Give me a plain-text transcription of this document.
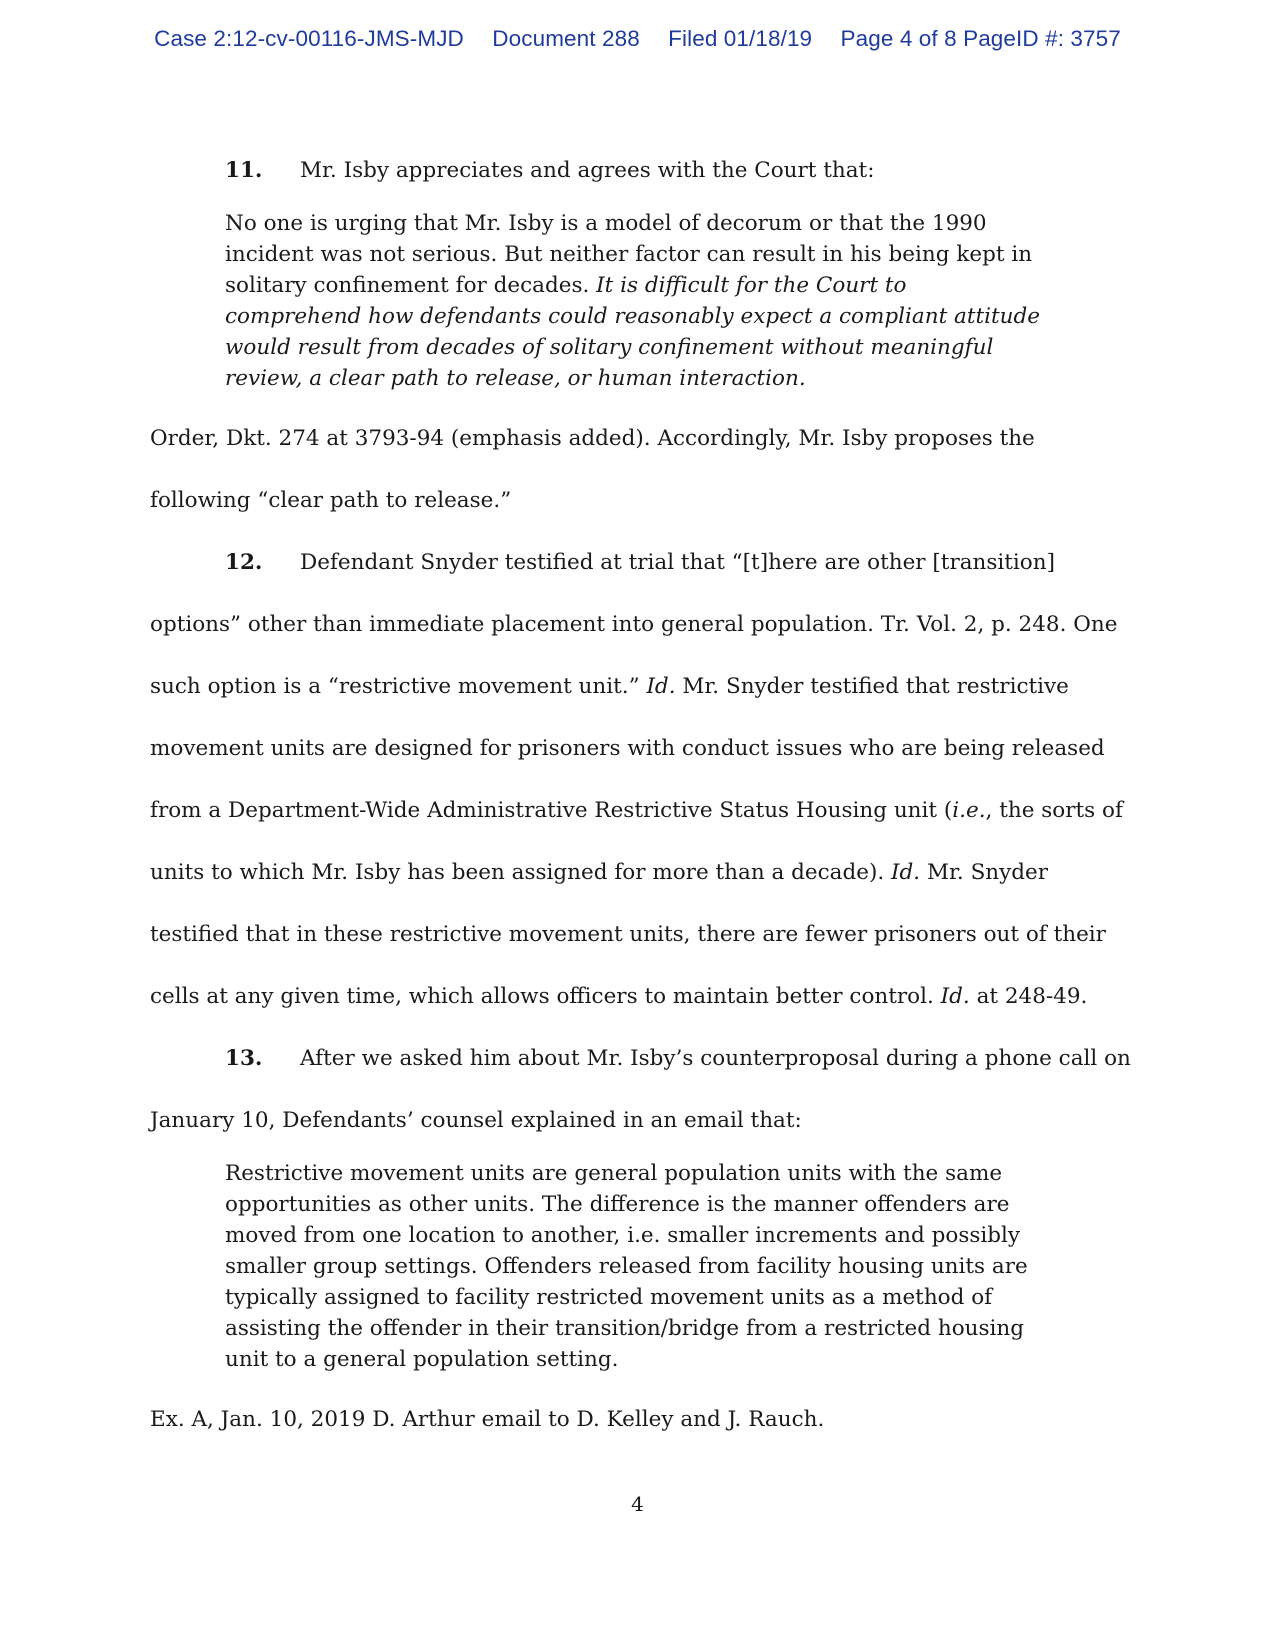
Case 2:12-cv-00116-JMS-MJD Document 288 Filed 01/18/19 Page 4 of 8 PageID #: 3757

11. Mr. Isby appreciates and agrees with the Court that:

No one is urging that Mr. Isby is a model of decorum or that the 1990 incident was not serious. But neither factor can result in his being kept in solitary confinement for decades. It is difficult for the Court to comprehend how defendants could reasonably expect a compliant attitude would result from decades of solitary confinement without meaningful review, a clear path to release, or human interaction.

Order, Dkt. 274 at 3793-94 (emphasis added). Accordingly, Mr. Isby proposes the following “clear path to release.”

12. Defendant Snyder testified at trial that “[t]here are other [transition] options” other than immediate placement into general population. Tr. Vol. 2, p. 248. One such option is a “restrictive movement unit.” Id. Mr. Snyder testified that restrictive movement units are designed for prisoners with conduct issues who are being released from a Department-Wide Administrative Restrictive Status Housing unit (i.e., the sorts of units to which Mr. Isby has been assigned for more than a decade). Id. Mr. Snyder testified that in these restrictive movement units, there are fewer prisoners out of their cells at any given time, which allows officers to maintain better control. Id. at 248-49.

13. After we asked him about Mr. Isby’s counterproposal during a phone call on January 10, Defendants’ counsel explained in an email that:

Restrictive movement units are general population units with the same opportunities as other units. The difference is the manner offenders are moved from one location to another, i.e. smaller increments and possibly smaller group settings. Offenders released from facility housing units are typically assigned to facility restricted movement units as a method of assisting the offender in their transition/bridge from a restricted housing unit to a general population setting.

Ex. A, Jan. 10, 2019 D. Arthur email to D. Kelley and J. Rauch.

4
